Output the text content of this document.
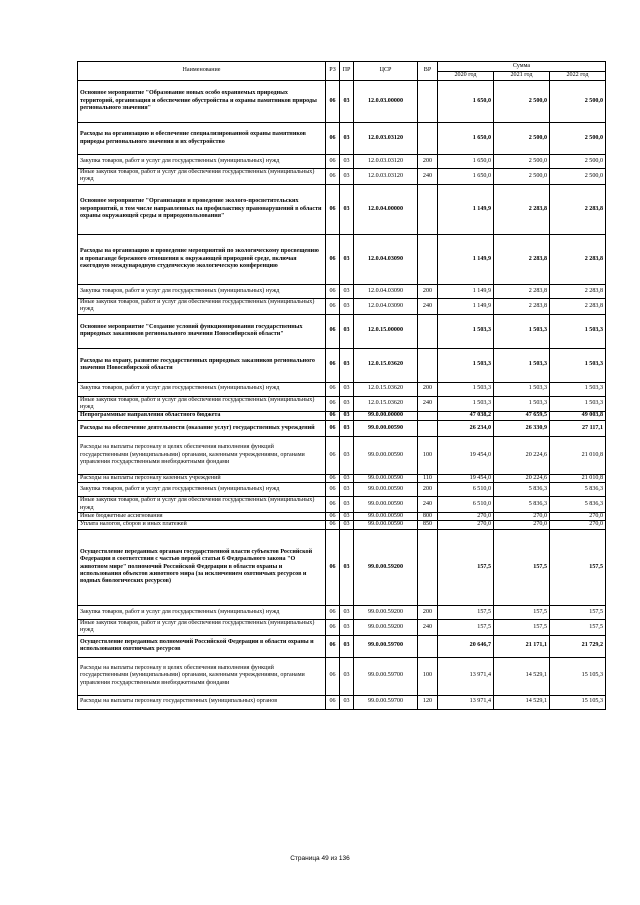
Наименование	РЗ	ПР	ЦСР	ВР	Сумма		
					2020 год	2021 год	2022 год
Основное мероприятие "Образование новых особо охраняемых природных территорий, организация и обеспечение обустройства и охраны памятников природы регионального значения"	06	03	12.0.03.00000		1 650,0	2 500,0	2 500,0
Расходы на организацию и обеспечение специализированной охраны памятников природы регионального значения и их обустройство	06	03	12.0.03.03120		1 650,0	2 500,0	2 500,0
Закупка товаров, работ и услуг для государственных (муниципальных) нужд	06	03	12.0.03.03120	200	1 650,0	2 500,0	2 500,0
Иные закупки товаров, работ и услуг для обеспечения государственных (муниципальных) нужд	06	03	12.0.03.03120	240	1 650,0	2 500,0	2 500,0
Основное мероприятие "Организация и проведение эколого-просветительских мероприятий, в том числе направленных на профилактику правонарушений в области охраны окружающей среды и природопользования"	06	03	12.0.04.00000		1 149,9	2 283,8	2 283,8
Расходы на организацию и проведение мероприятий по экологическому просвещению и пропаганде бережного отношения к окружающей природной среде, включая ежегодную международную студенческую экологическую конференцию	06	03	12.0.04.03090		1 149,9	2 283,8	2 283,8
Закупка товаров, работ и услуг для государственных (муниципальных) нужд	06	03	12.0.04.03090	200	1 149,9	2 283,8	2 283,8
Иные закупки товаров, работ и услуг для обеспечения государственных (муниципальных) нужд	06	03	12.0.04.03090	240	1 149,9	2 283,8	2 283,8
Основное мероприятие "Создание условий функционирования государственных природных заказников регионального значения Новосибирской области"	06	03	12.0.15.00000		1 503,3	1 503,3	1 503,3
Расходы на охрану, развитие государственных природных заказников регионального значения Новосибирской области	06	03	12.0.15.03620		1 503,3	1 503,3	1 503,3
Закупка товаров, работ и услуг для государственных (муниципальных) нужд	06	03	12.0.15.03620	200	1 503,3	1 503,3	1 503,3
Иные закупки товаров, работ и услуг для обеспечения государственных (муниципальных) нужд	06	03	12.0.15.03620	240	1 503,3	1 503,3	1 503,3
Непрограммные направления областного бюджета	06	03	99.0.00.00000		47 038,2	47 659,5	49 003,8
Расходы на обеспечение деятельности (оказание услуг) государственных учреждений	06	03	99.0.00.00590		26 234,0	26 330,9	27 117,1
Расходы на выплаты персоналу в целях обеспечения выполнения функций государственными (муниципальными) органами, казенными учреждениями, органами управления государственными внебюджетными фондами	06	03	99.0.00.00590	100	19 454,0	20 224,6	21 010,8
Расходы на выплаты персоналу казенных учреждений	06	03	99.0.00.00590	110	19 454,0	20 224,6	21 010,8
Закупка товаров, работ и услуг для государственных (муниципальных) нужд	06	03	99.0.00.00590	200	6 510,0	5 836,3	5 836,3
Иные закупки товаров, работ и услуг для обеспечения государственных (муниципальных) нужд	06	03	99.0.00.00590	240	6 510,0	5 836,3	5 836,3
Иные бюджетные ассигнования	06	03	99.0.00.00590	800	270,0	270,0	270,0
Уплата налогов, сборов и иных платежей	06	03	99.0.00.00590	850	270,0	270,0	270,0
Осуществление переданных органам государственной власти субъектов Российской Федерации в соответствии с частью первой статьи 6 Федерального закона "О животном мире" полномочий Российской Федерации в области охраны и использования объектов животного мира (за исключением охотничьих ресурсов и водных биологических ресурсов)	06	03	99.0.00.59200		157,5	157,5	157,5
Закупка товаров, работ и услуг для государственных (муниципальных) нужд	06	03	99.0.00.59200	200	157,5	157,5	157,5
Иные закупки товаров, работ и услуг для обеспечения государственных (муниципальных) нужд	06	03	99.0.00.59200	240	157,5	157,5	157,5
Осуществление переданных полномочий Российской Федерации в области охраны и использования охотничьих ресурсов	06	03	99.0.00.59700		20 646,7	21 171,1	21 729,2
Расходы на выплаты персоналу в целях обеспечения выполнения функций государственными (муниципальными) органами, казенными учреждениями, органами управления государственными внебюджетными фондами	06	03	99.0.00.59700	100	13 971,4	14 529,1	15 105,3
Расходы на выплаты персоналу государственных (муниципальных) органов	06	03	99.0.00.59700	120	13 971,4	14 529,1	15 105,3
Страница 49 из 136
